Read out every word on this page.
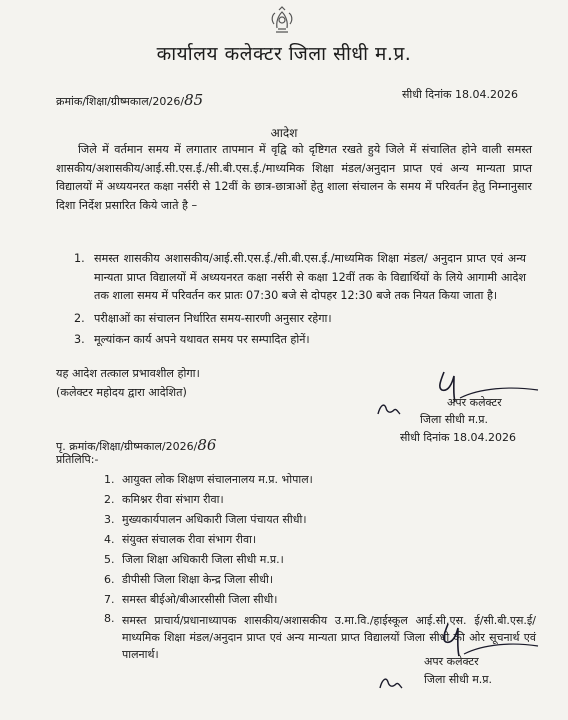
कार्यालय कलेक्टर जिला सीधी म.प्र.
क्रमांक/शिक्षा/ग्रीष्मकाल/2026/85	सीधी दिनांक 18.04.2026
आदेश

जिले में वर्तमान समय में लगातार तापमान में वृद्वि को दृष्टिगत रखते हुये जिले में संचालित होने वाली समस्त शासकीय/अशासकीय/आई.सी.एस.ई./सी.बी.एस.ई./माध्यमिक शिक्षा मंडल/अनुदान प्राप्त एवं अन्य मान्यता प्राप्त विद्यालयों में अध्ययनरत कक्षा नर्सरी से 12वीं के छात्र-छात्राओं हेतु शाला संचालन के समय में परिवर्तन हेतु निम्नानुसार दिशा निर्देश प्रसारित किये जाते है –

1. समस्त शासकीय अशासकीय/आई.सी.एस.ई./सी.बी.एस.ई./माध्यमिक शिक्षा मंडल/ अनुदान प्राप्त एवं अन्य मान्यता प्राप्त विद्यालयों में अध्ययनरत कक्षा नर्सरी से कक्षा 12वीं तक के विद्यार्थियों के लिये आगामी आदेश तक शाला समय में परिवर्तन कर प्रातः 07:30 बजे से दोपहर 12:30 बजे तक नियत किया जाता है।
2. परीक्षाओं का संचालन निर्धारित समय-सारणी अनुसार रहेगा।
3. मूल्यांकन कार्य अपने यथावत समय पर सम्पादित होनें।
यह आदेश तत्काल प्रभावशील होगा।
(कलेक्टर महोदय द्वारा आदेशित)
अपर कलेक्टर
जिला सीधी म.प्र.
सीधी दिनांक 18.04.2026
पृ. क्रमांक/शिक्षा/ग्रीष्मकाल/2026/86
प्रतिलिपि:-
1. आयुक्त लोक शिक्षण संचालनालय म.प्र. भोपाल।
2. कमिश्नर रीवा संभाग रीवा।
3. मुख्यकार्यपालन अधिकारी जिला पंचायत सीधी।
4. संयुक्त संचालक रीवा संभाग रीवा।
5. जिला शिक्षा अधिकारी जिला सीधी म.प्र.।
6. डीपीसी जिला शिक्षा केन्द्र जिला सीधी।
7. समस्त बीईओ/बीआरसीसी जिला सीधी।
8. समस्त प्राचार्य/प्रधानाध्यापक शासकीय/अशासकीय उ.मा.वि./हाईस्कूल आई.सी.एस. ई/सी.बी.एस.ई/माध्यमिक शिक्षा मंडल/अनुदान प्राप्त एवं अन्य मान्यता प्राप्त विद्यालयों जिला सीधी की ओर सूचनार्थ एवं पालनार्थ।
अपर कलेक्टर
जिला सीधी म.प्र.
